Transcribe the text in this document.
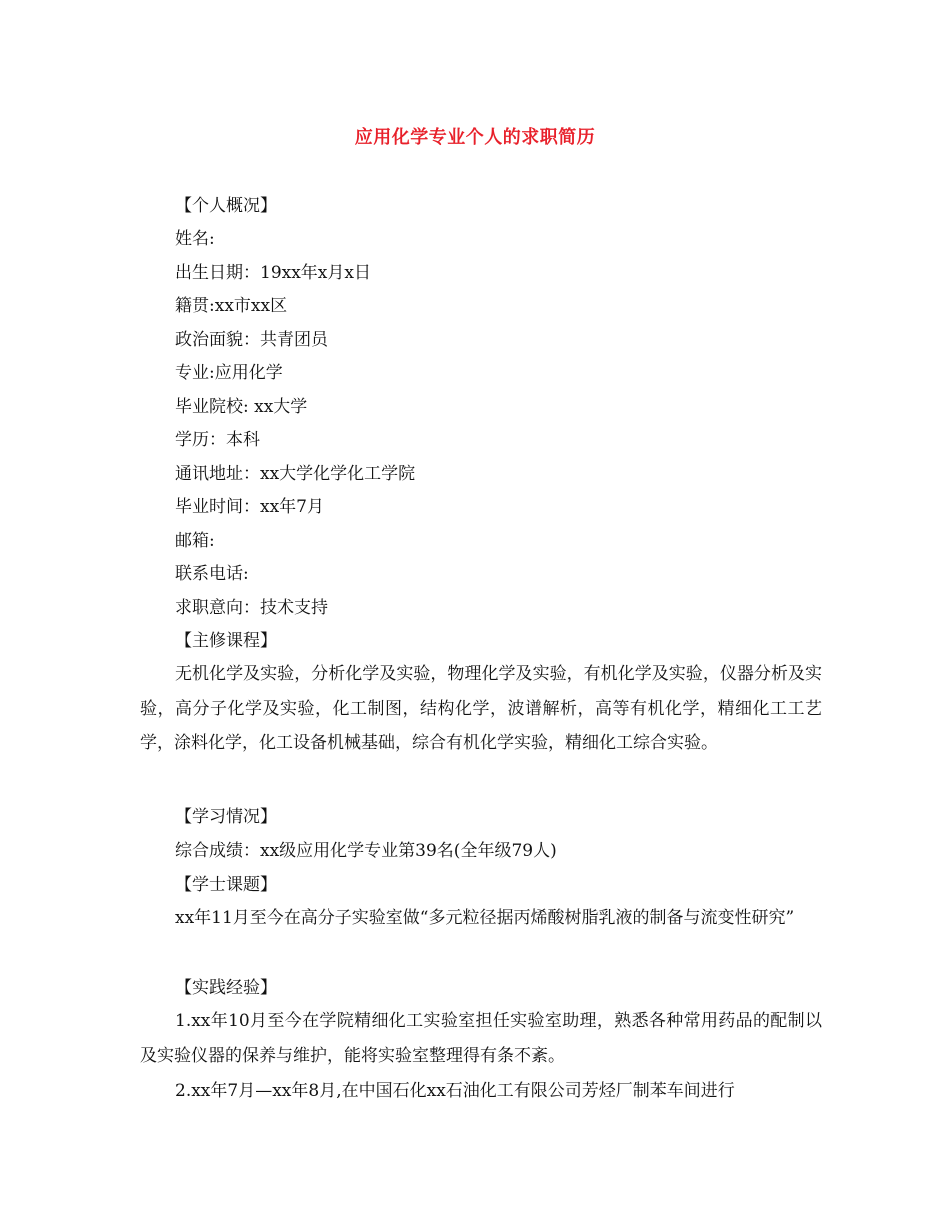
应用化学专业个人的求职简历
【个人概况】
姓名:
出生日期：19xx年x月x日
籍贯:xx市xx区
政治面貌：共青团员
专业:应用化学
毕业院校: xx大学
学历：本科
通讯地址：xx大学化学化工学院
毕业时间：xx年7月
邮箱:
联系电话:
求职意向：技术支持
【主修课程】
无机化学及实验，分析化学及实验，物理化学及实验，有机化学及实验，仪器分析及实验，高分子化学及实验，化工制图，结构化学，波谱解析，高等有机化学，精细化工工艺学，涂料化学，化工设备机械基础，综合有机化学实验，精细化工综合实验。
【学习情况】
综合成绩：xx级应用化学专业第39名(全年级79人)
【学士课题】
xx年11月至今在高分子实验室做“多元粒径据丙烯酸树脂乳液的制备与流变性研究”
【实践经验】
1.xx年10月至今在学院精细化工实验室担任实验室助理，熟悉各种常用药品的配制以及实验仪器的保养与维护，能将实验室整理得有条不紊。
2.xx年7月—xx年8月,在中国石化xx石油化工有限公司芳烃厂制苯车间进行
